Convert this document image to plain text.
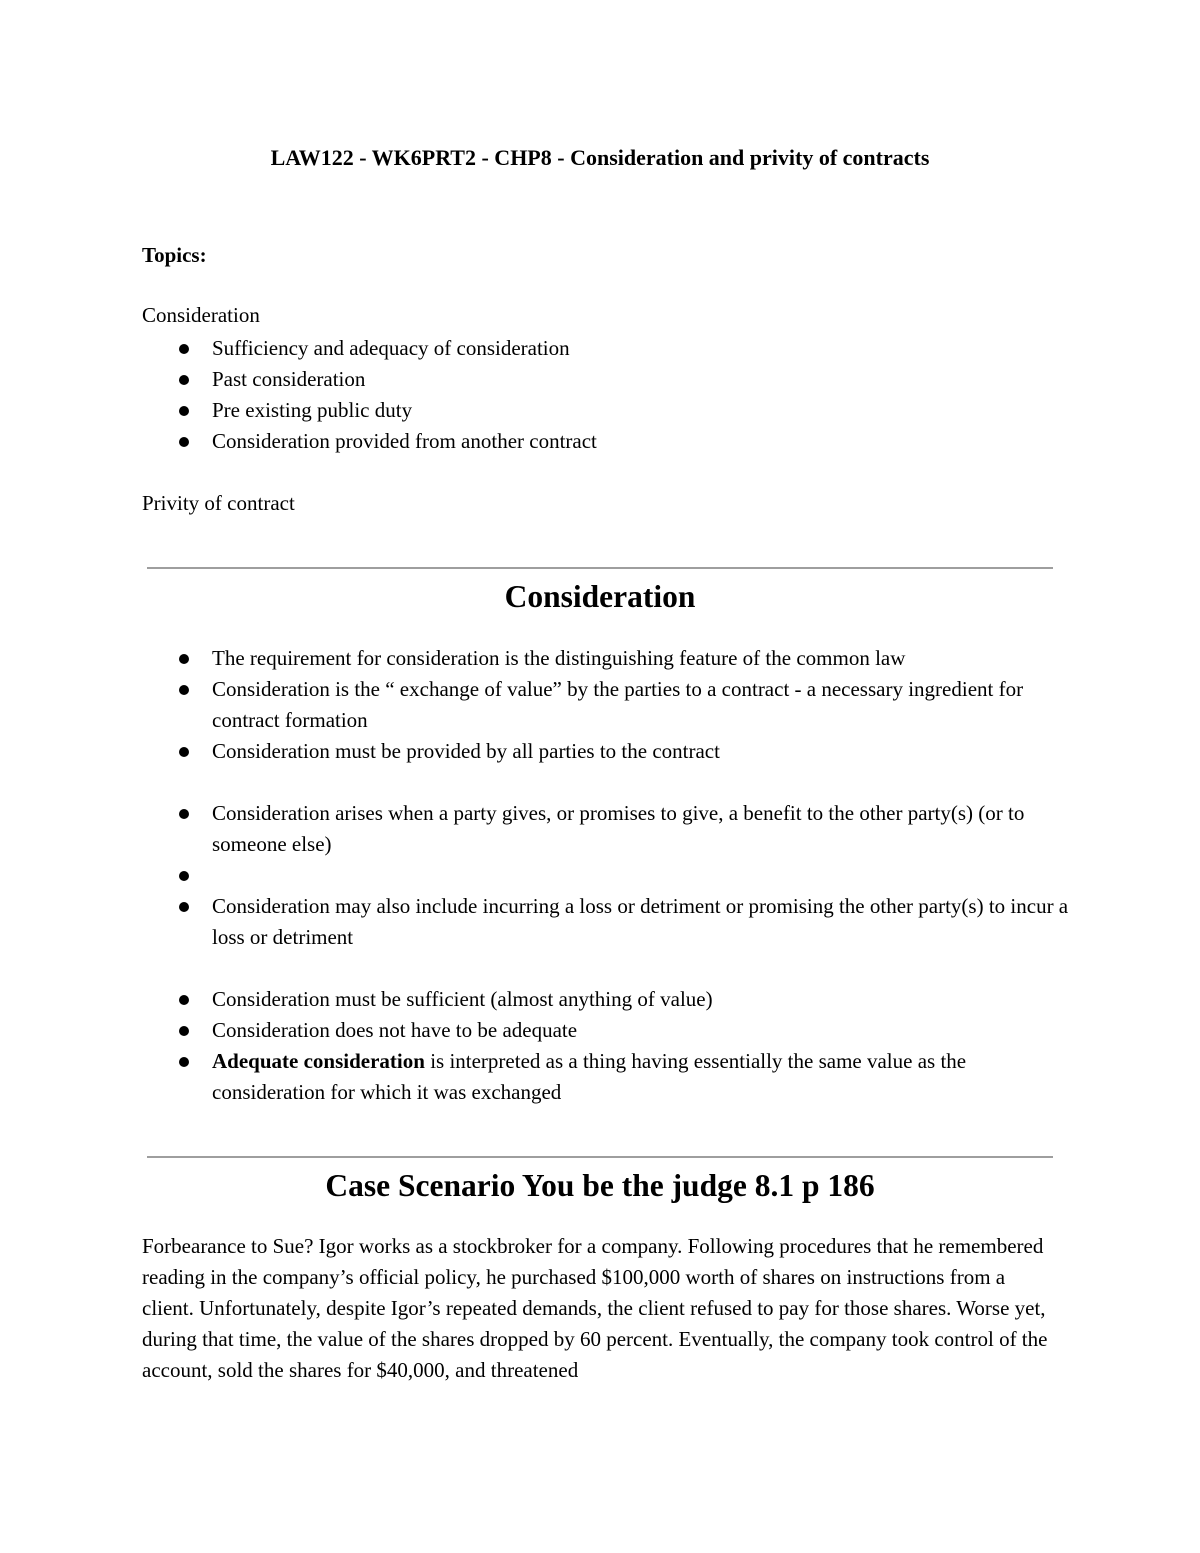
LAW122 - WK6PRT2 - CHP8 - Consideration and privity of contracts

Topics:

Consideration

Sufficiency and adequacy of consideration
Past consideration
Pre existing public duty
Consideration provided from another contract

Privity of contract

Consideration
The requirement for consideration is the distinguishing feature of the common law
Consideration is the “ exchange of value” by the parties to a contract - a necessary ingredient for contract formation
Consideration must be provided by all parties to the contract
Consideration arises when a party gives, or promises to give, a benefit to the other party(s) (or to someone else)

Consideration may also include incurring a loss or detriment or promising the other party(s) to incur a loss or detriment
Consideration must be sufficient (almost anything of value)
Consideration does not have to be adequate
Adequate consideration is interpreted as a thing having essentially the same value as the consideration for which it was exchanged
Case Scenario You be the judge 8.1 p 186

Forbearance to Sue? Igor works as a stockbroker for a company. Following procedures that he remembered reading in the company’s official policy, he purchased $100,000 worth of shares on instructions from a client. Unfortunately, despite Igor’s repeated demands, the client refused to pay for those shares. Worse yet, during that time, the value of the shares dropped by 60 percent. Eventually, the company took control of the account, sold the shares for $40,000, and threatened
